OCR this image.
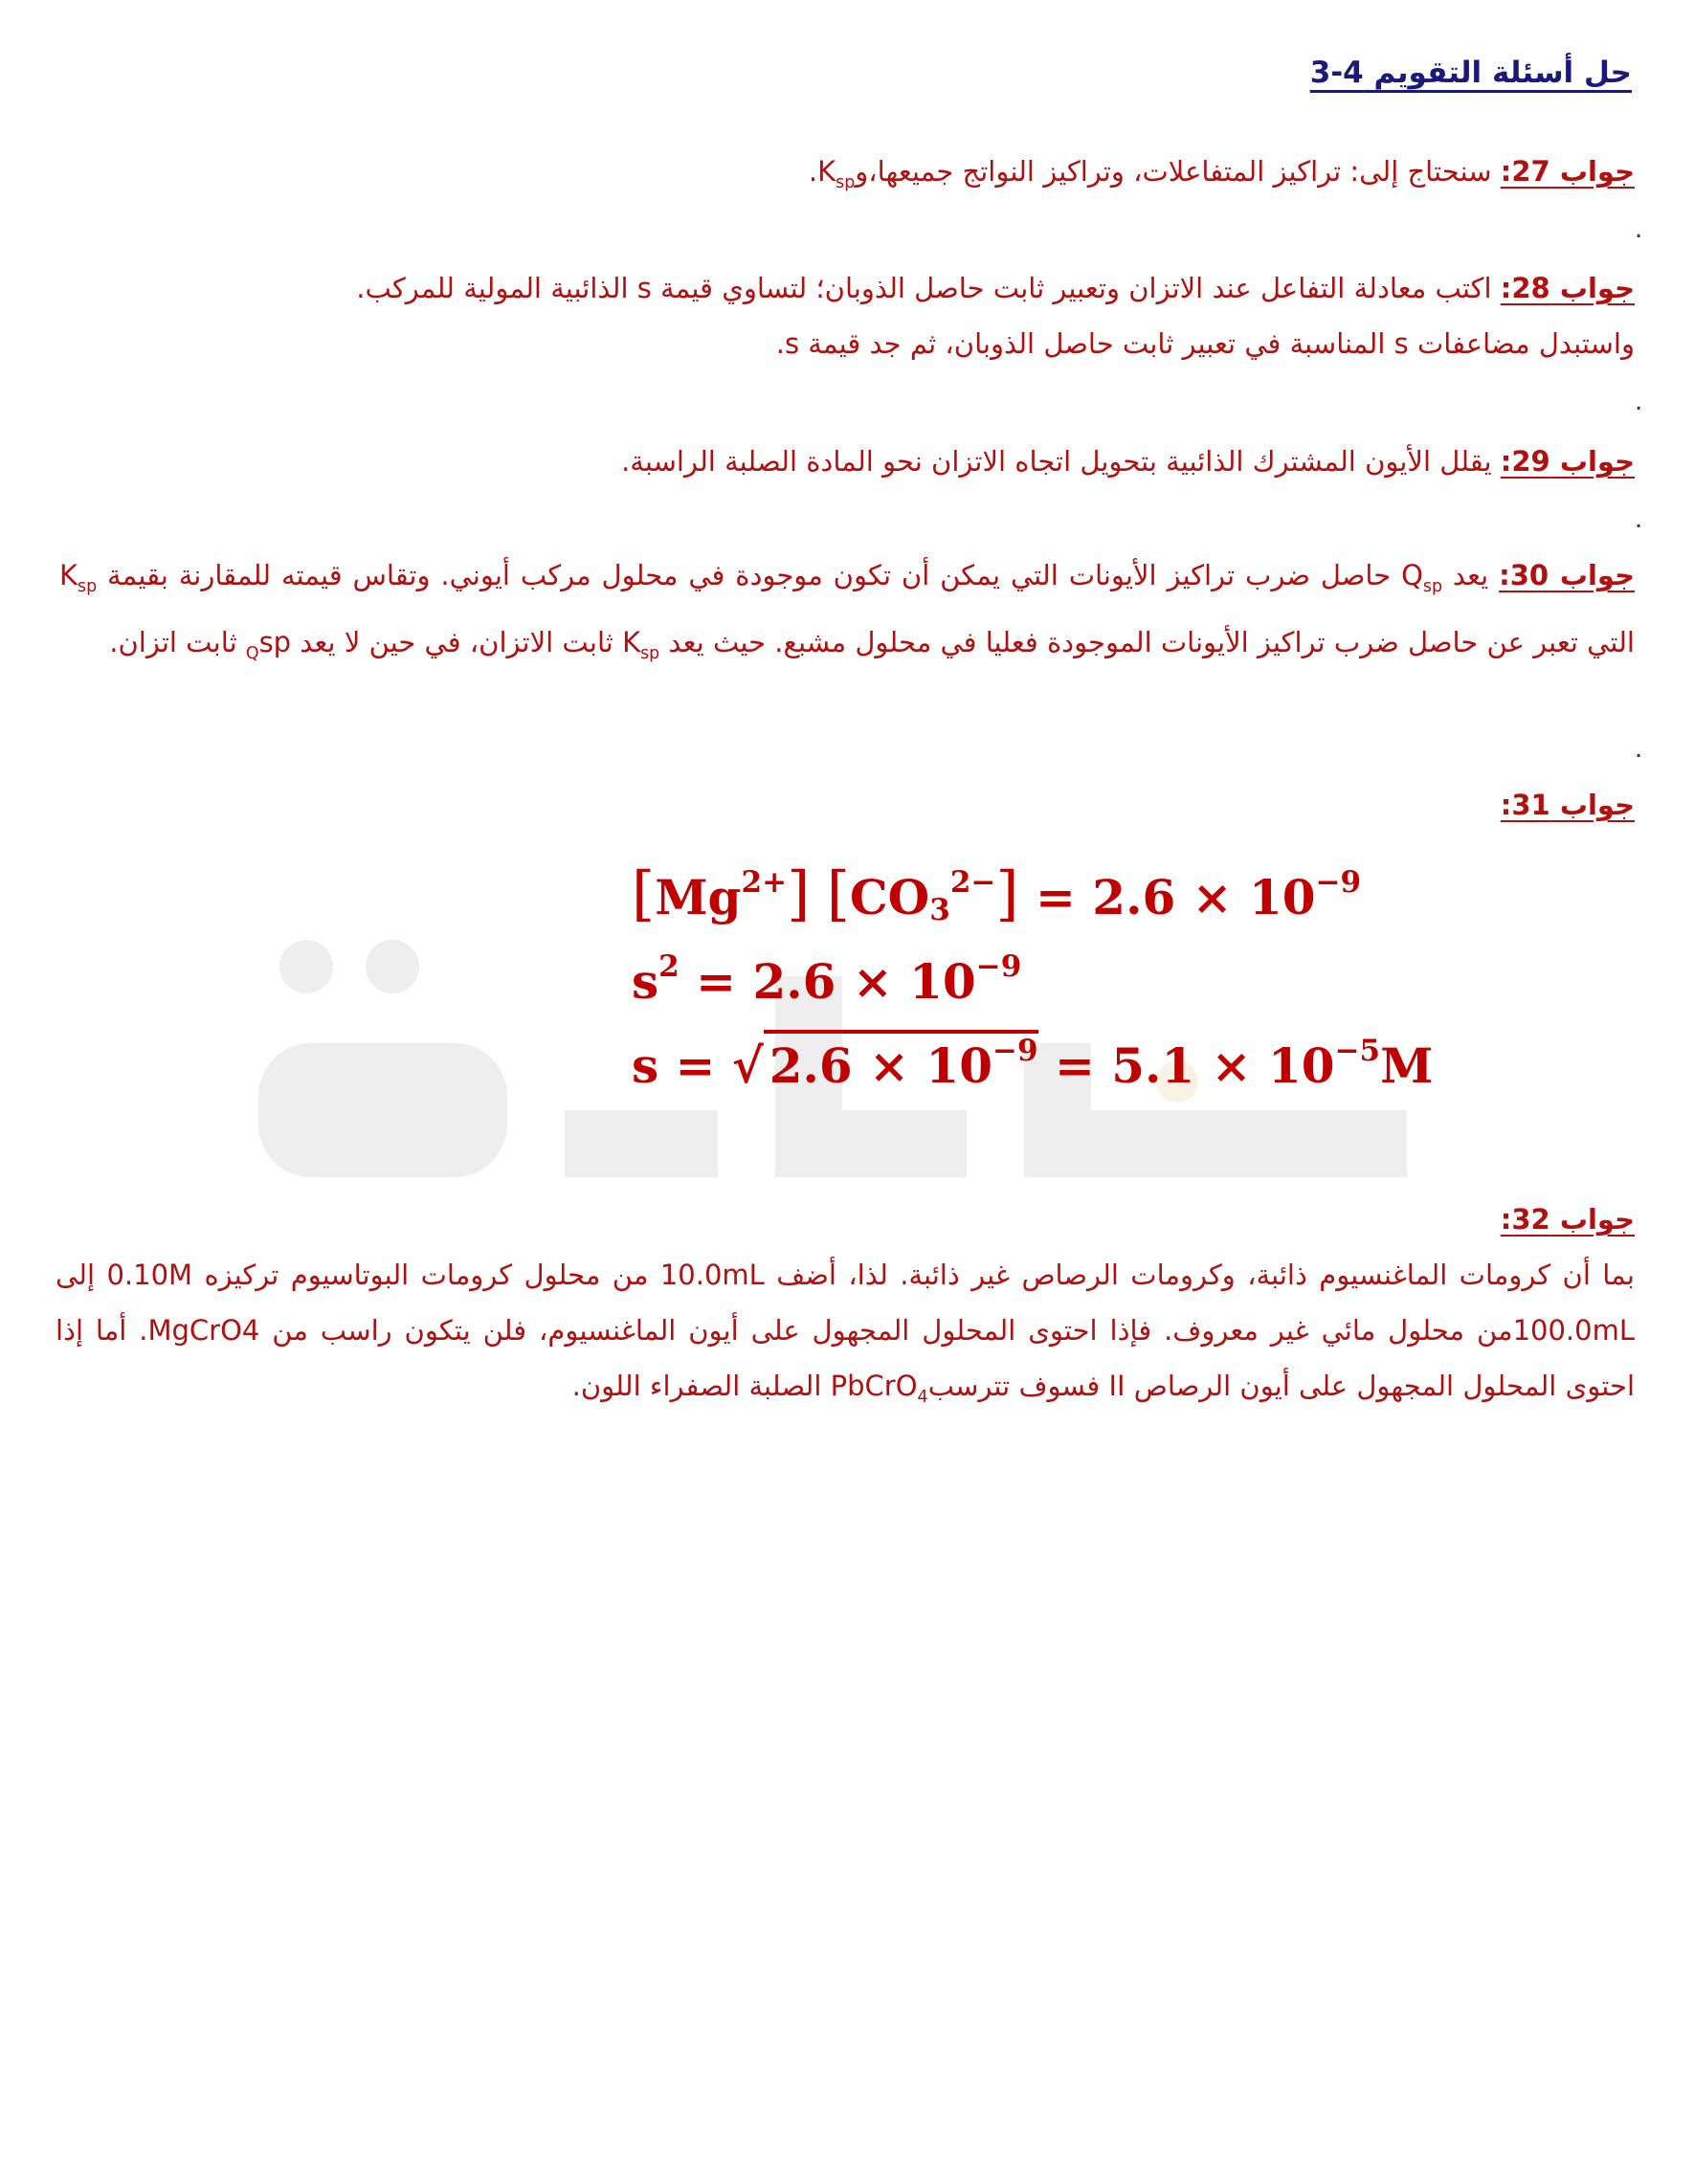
حل أسئلة التقويم 3-4
جواب 27: سنحتاج إلى: تراكيز المتفاعلات، وتراكيز النواتج جميعها،وK$_{sp}$.
.
جواب 28: اكتب معادلة التفاعل عند الاتزان وتعبير ثابت حاصل الذوبان؛ لتساوي قيمة s الذائبية المولية للمركب.
واستبدل مضاعفات s المناسبة في تعبير ثابت حاصل الذوبان، ثم جد قيمة s.
.
جواب 29: يقلل الأيون المشترك الذائبية بتحويل اتجاه الاتزان نحو المادة الصلبة الراسبة.
.
جواب 30: يعد $Q_{sp}$ حاصل ضرب تراكيز الأيونات التي يمكن أن تكون موجودة في محلول مركب أيوني. وتقاس قيمته للمقارنة بقيمة $K_{sp}$ التي تعبر عن حاصل ضرب تراكيز الأيونات الموجودة فعليا في محلول مشبع. حيث يعد $K_{sp}$ ثابت الاتزان، في حين لا يعد $_Q$sp ثابت اتزان.
.
جواب 31:
$[Mg^{2+}] [CO_3^{2-}] = 2.6 \times 10^{-9}$
$s^2 = 2.6 \times 10^{-9}$
s = √ $2.6 \times 10^{-9} = 5.1 \times 10^{-5}M$
جواب 32:
بما أن كرومات الماغنسيوم ذائبة، وكرومات الرصاص غير ذائبة. لذا، أضف 10.0mL من محلول كرومات البوتاسيوم تركيزه 0.10M إلى 100.0mLمن محلول مائي غير معروف. فإذا احتوى المحلول المجهول على أيون الماغنسيوم، فلن يتكون راسب من MgCrO4. أما إذا احتوى المحلول المجهول على أيون الرصاص II فسوف تترسبPbCrO$_4$ الصلبة الصفراء اللون.
